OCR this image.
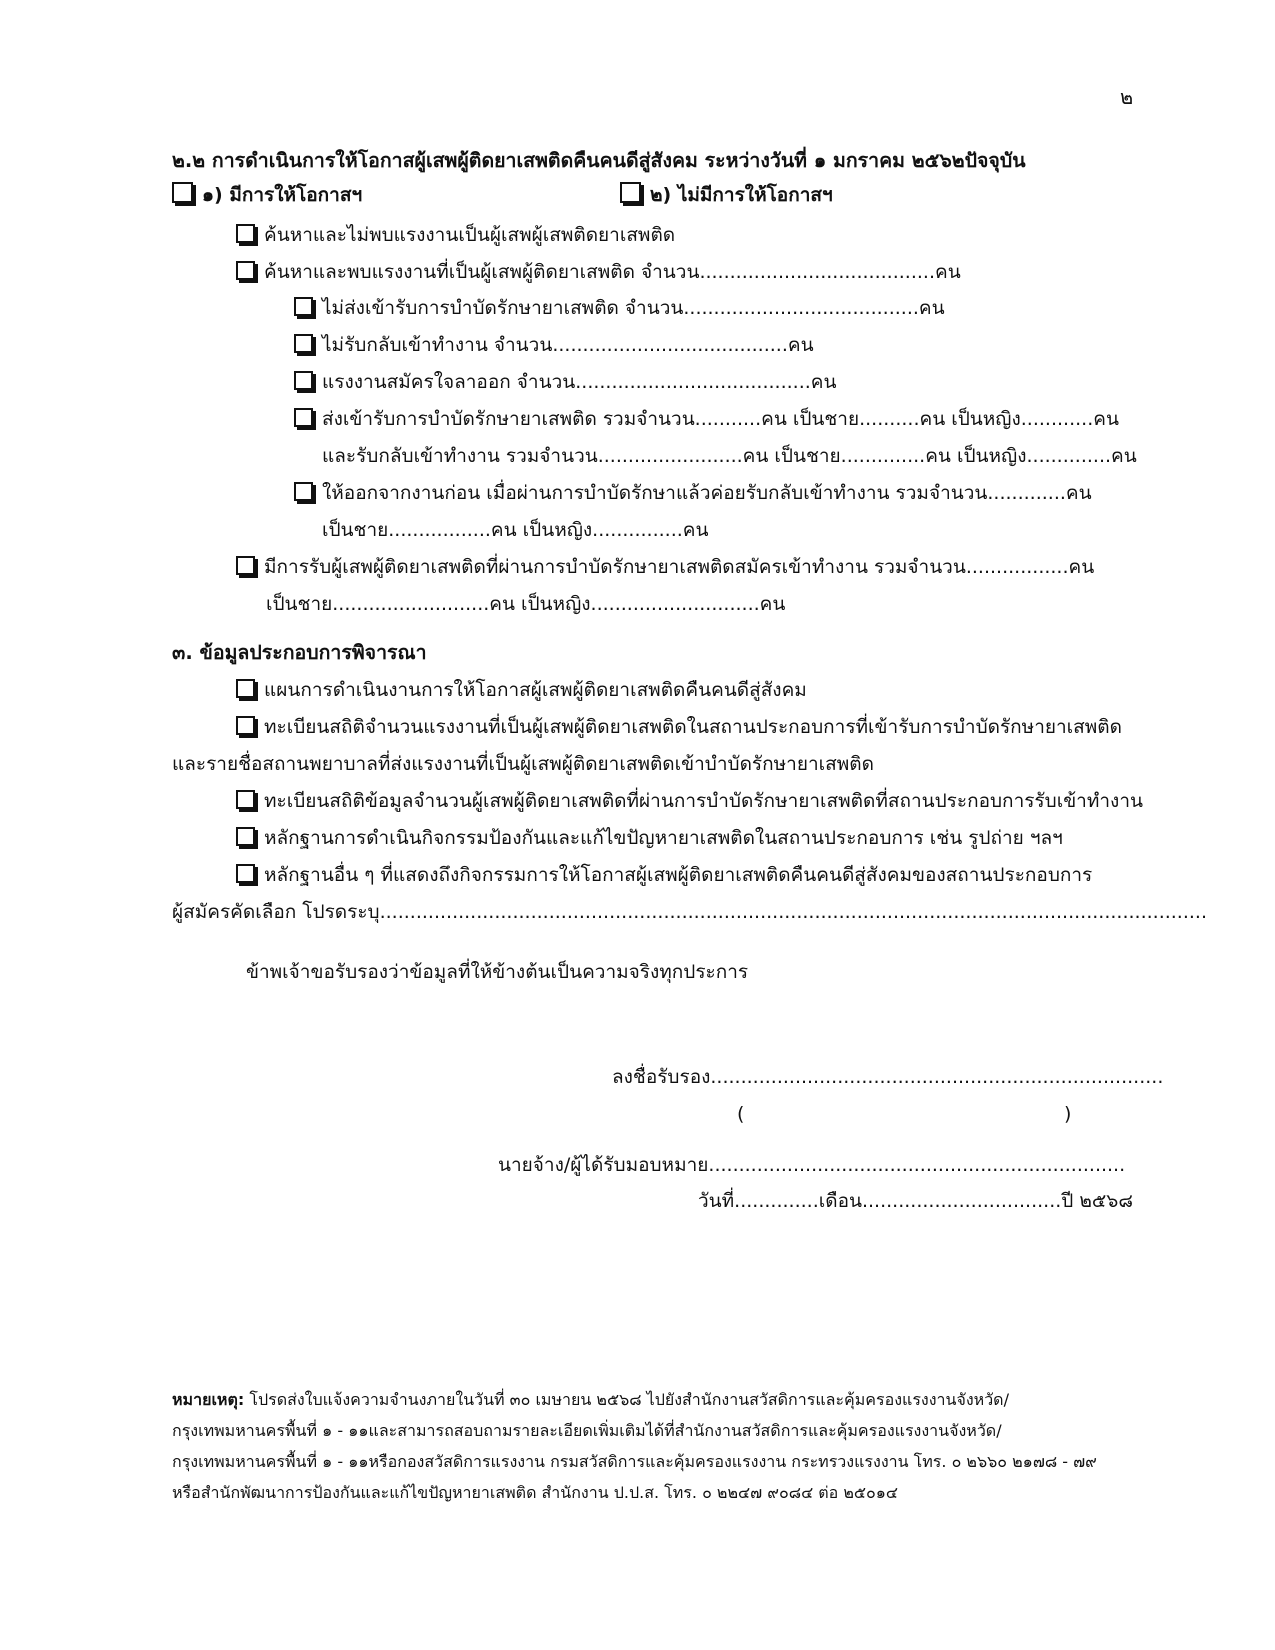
๒
๒.๒ การดำเนินการให้โอกาสผู้เสพผู้ติดยาเสพติดคืนคนดีสู่สังคม ระหว่างวันที่ ๑ มกราคม ๒๕๖๒ปัจจุบัน
๑) มีการให้โอกาสฯ	๒) ไม่มีการให้โอกาสฯ
ค้นหาและไม่พบแรงงานเป็นผู้เสพผู้เสพติดยาเสพติด
ค้นหาและพบแรงงานที่เป็นผู้เสพผู้ติดยาเสพติด จำนวน.......................................คน
ไม่ส่งเข้ารับการบำบัดรักษายาเสพติด จำนวน.......................................คน
ไม่รับกลับเข้าทำงาน จำนวน.......................................คน
แรงงานสมัครใจลาออก จำนวน.......................................คน
ส่งเข้ารับการบำบัดรักษายาเสพติด รวมจำนวน...........คน เป็นชาย..........คน เป็นหญิง............คน
และรับกลับเข้าทำงาน รวมจำนวน........................คน เป็นชาย..............คน เป็นหญิง..............คน
ให้ออกจากงานก่อน เมื่อผ่านการบำบัดรักษาแล้วค่อยรับกลับเข้าทำงาน รวมจำนวน.............คน
เป็นชาย.................คน เป็นหญิง...............คน
มีการรับผู้เสพผู้ติดยาเสพติดที่ผ่านการบำบัดรักษายาเสพติดสมัครเข้าทำงาน รวมจำนวน.................คน
เป็นชาย..........................คน เป็นหญิง............................คน
๓. ข้อมูลประกอบการพิจารณา
แผนการดำเนินงานการให้โอกาสผู้เสพผู้ติดยาเสพติดคืนคนดีสู่สังคม
ทะเบียนสถิติจำนวนแรงงานที่เป็นผู้เสพผู้ติดยาเสพติดในสถานประกอบการที่เข้ารับการบำบัดรักษายาเสพติด
และรายชื่อสถานพยาบาลที่ส่งแรงงานที่เป็นผู้เสพผู้ติดยาเสพติดเข้าบำบัดรักษายาเสพติด
ทะเบียนสถิติข้อมูลจำนวนผู้เสพผู้ติดยาเสพติดที่ผ่านการบำบัดรักษายาเสพติดที่สถานประกอบการรับเข้าทำงาน
หลักฐานการดำเนินกิจกรรมป้องกันและแก้ไขปัญหายาเสพติดในสถานประกอบการ เช่น รูปถ่าย ฯลฯ
หลักฐานอื่น ๆ ที่แสดงถึงกิจกรรมการให้โอกาสผู้เสพผู้ติดยาเสพติดคืนคนดีสู่สังคมของสถานประกอบการ
ผู้สมัครคัดเลือก โปรดระบุ.........................................................................................................................................
ข้าพเจ้าขอรับรองว่าข้อมูลที่ให้ข้างต้นเป็นความจริงทุกประการ
ลงชื่อรับรอง...........................................................................
(	)
นายจ้าง/ผู้ได้รับมอบหมาย.....................................................................
วันที่..............เดือน.................................ปี ๒๕๖๘
หมายเหตุ: โปรดส่งใบแจ้งความจำนงภายในวันที่ ๓๐ เมษายน ๒๕๖๘ ไปยังสำนักงานสวัสดิการและคุ้มครองแรงงานจังหวัด/
กรุงเทพมหานครพื้นที่ ๑ - ๑๑และสามารถสอบถามรายละเอียดเพิ่มเติมได้ที่สำนักงานสวัสดิการและคุ้มครองแรงงานจังหวัด/
กรุงเทพมหานครพื้นที่ ๑ - ๑๑หรือกองสวัสดิการแรงงาน กรมสวัสดิการและคุ้มครองแรงงาน กระทรวงแรงงาน โทร. ๐ ๒๖๖๐ ๒๑๗๘ - ๗๙
หรือสำนักพัฒนาการป้องกันและแก้ไขปัญหายาเสพติด สำนักงาน ป.ป.ส. โทร. ๐ ๒๒๔๗ ๙๐๘๔ ต่อ ๒๕๐๑๔
